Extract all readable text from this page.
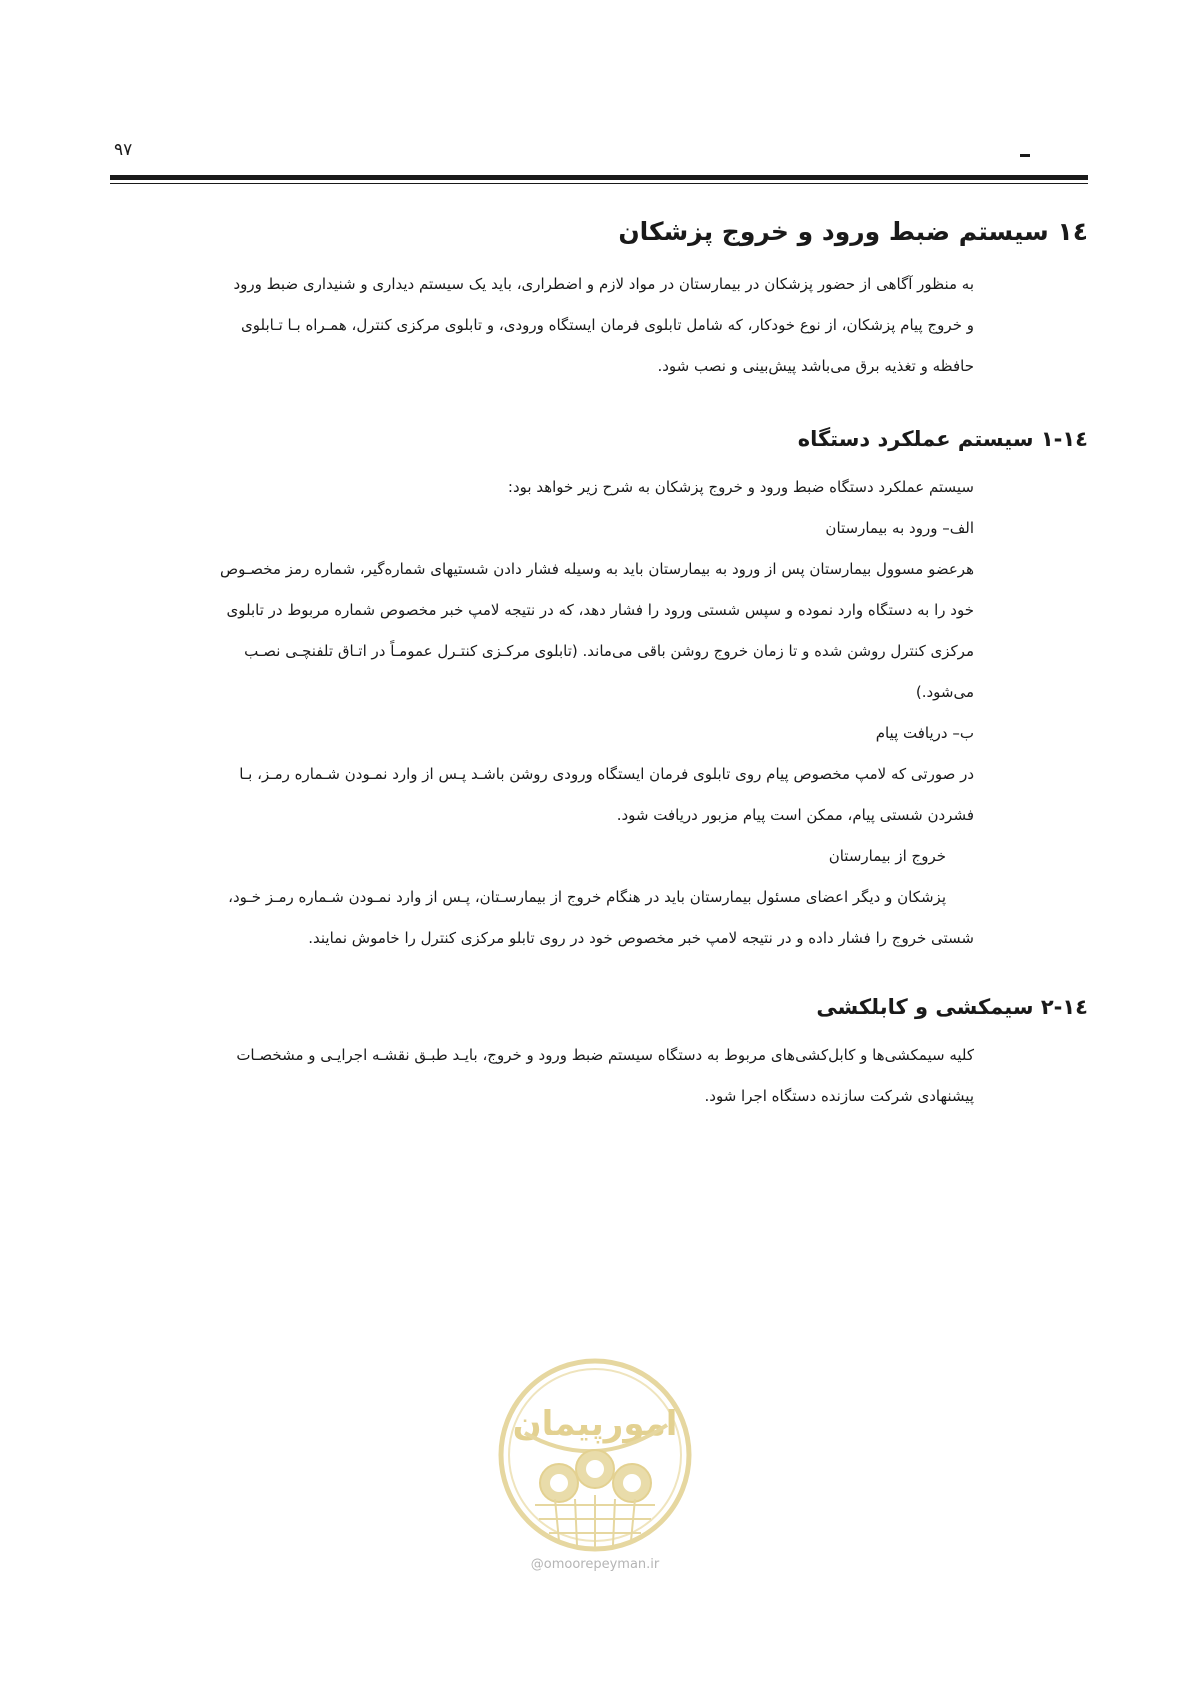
۹۷
١٤ سیستم ضبط ورود و خروج پزشکان

به منظور آگاهی از حضور پزشکان در بیمارستان در مواد لازم و اضطراری، باید یک سیستم دیداری و شنیداری ضبط ورود

و خروج پیام پزشکان، از نوع خودکار، که شامل تابلوی فرمان ایستگاه ورودی، و تابلوی مرکزی کنترل، همـراه بـا تـابلوی

حافظه و تغذیه برق می‌باشد پیش‌بینی و نصب شود.

١٤-١ سیستم عملکرد دستگاه

سیستم عملکرد دستگاه ضبط ورود و خروج پزشکان به شرح زیر خواهد بود:

الف– ورود به بیمارستان

هرعضو مسوول بیمارستان پس از ورود به بیمارستان باید به وسیله فشار دادن شستیهای شماره‌گیر، شماره رمز مخصـوص

خود را به دستگاه وارد نموده و سپس شستی ورود را فشار دهد، که در نتیجه لامپ خبر مخصوص شماره مربوط در تابلوی

مرکزی کنترل روشن شده و تا زمان خروج روشن باقی می‌ماند. (تابلوی مرکـزی کنتـرل عمومـاً در اتـاق تلفنچـی نصـب

می‌شود.)

ب– دریافت پیام

در صورتی که لامپ مخصوص پیام روی تابلوی فرمان ایستگاه ورودی روشن باشـد پـس از وارد نمـودن شـماره رمـز، بـا

فشردن شستی پیام، ممکن است پیام مزبور دریافت شود.

خروج از بیمارستان

پزشکان و دیگر اعضای مسئول بیمارستان باید در هنگام خروج از بیمارسـتان، پـس از وارد نمـودن شـماره رمـز خـود،

شستی خروج را فشار داده و در نتیجه لامپ خبر مخصوص خود در روی تابلو مرکزی کنترل را خاموش نمایند.

١٤-٢ سیمکشی و کابلکشی

کلیه سیمکشی‌ها و کابل‌کشی‌های مربوط به دستگاه سیستم ضبط ورود و خروج، بایـد طبـق نقشـه اجرایـی و مشخصـات

پیشنهادی شرکت سازنده دستگاه اجرا شود.

امورپیمان
@omoorepeyman.ir
